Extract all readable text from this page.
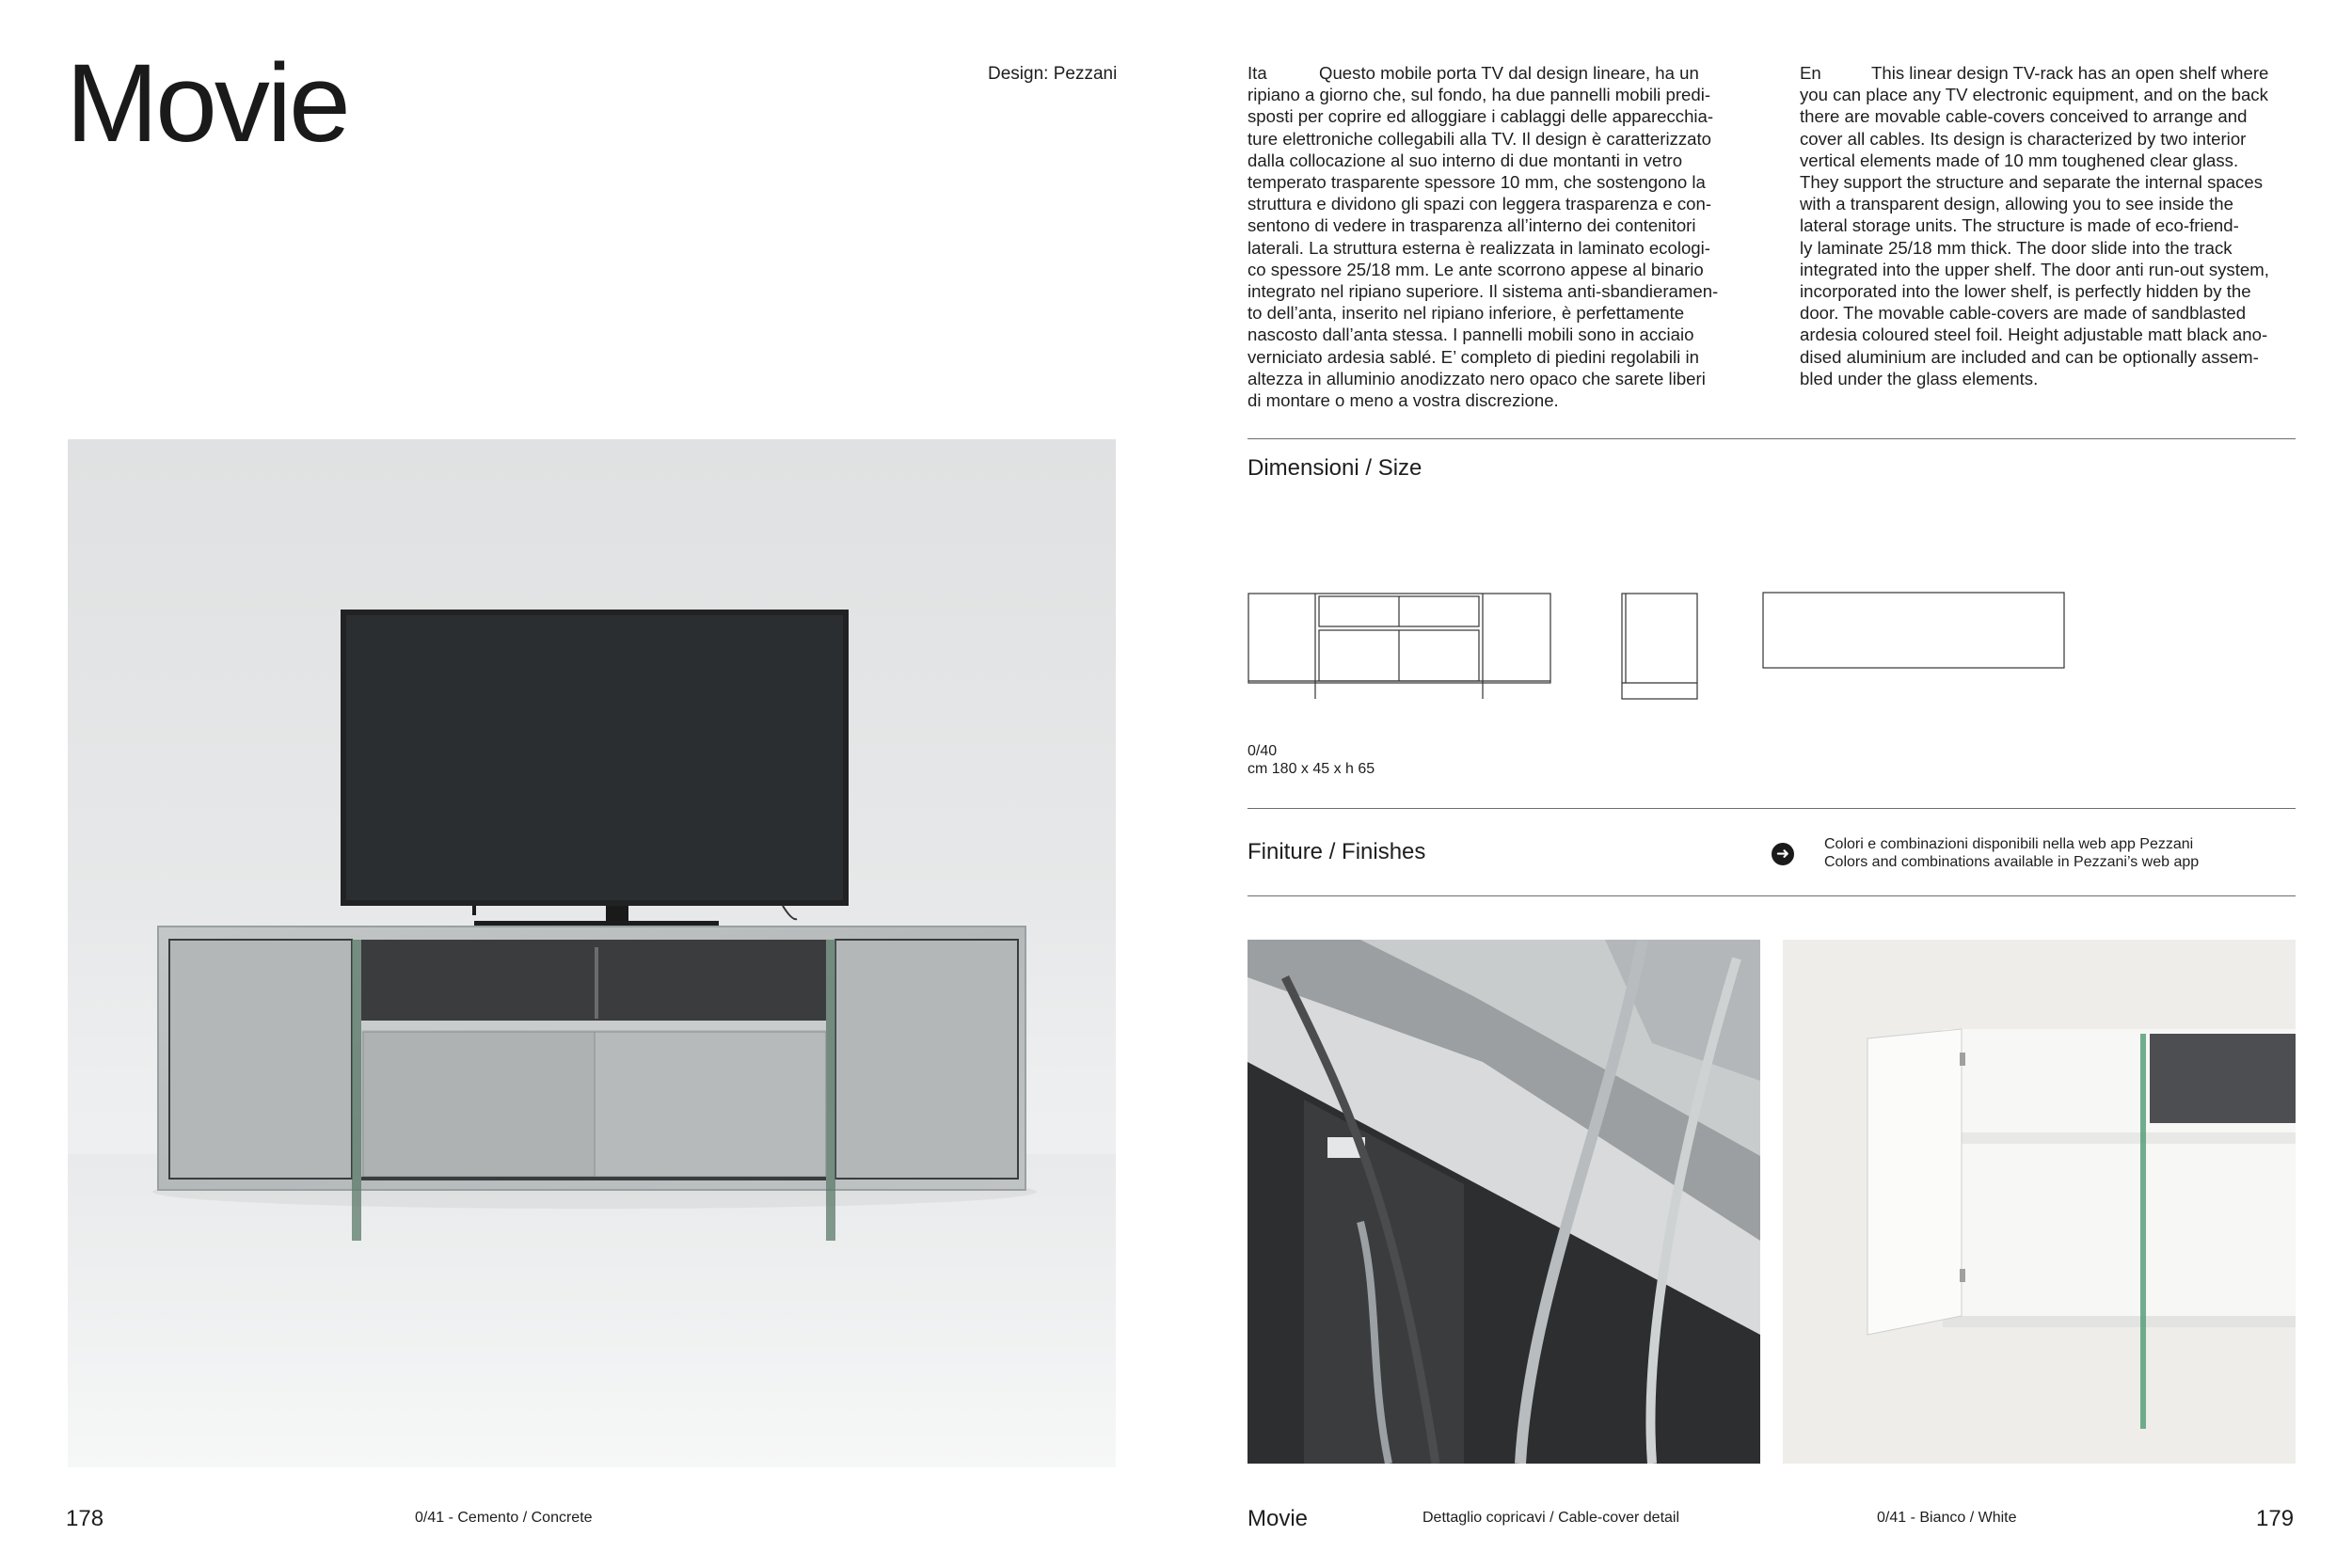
Movie	Design: Pezzani	Ita	Questo mobile porta TV dal design lineare, ha un
ripiano a giorno che, sul fondo, ha due pannelli mobili predi-
sposti per coprire ed alloggiare i cablaggi delle apparecchia-
ture elettroniche collegabili alla TV. Il design è caratterizzato
dalla collocazione al suo interno di due montanti in vetro
temperato trasparente spessore 10 mm, che sostengono la
struttura e dividono gli spazi con leggera trasparenza e con-
sentono di vedere in trasparenza all’interno dei contenitori
laterali. La struttura esterna è realizzata in laminato ecologi-
co spessore 25/18 mm. Le ante scorrono appese al binario
integrato nel ripiano superiore. Il sistema anti-sbandieramen-
to dell’anta, inserito nel ripiano inferiore, è perfettamente
nascosto dall’anta stessa. I pannelli mobili sono in acciaio
verniciato ardesia sablé. E’ completo di piedini regolabili in
altezza in alluminio anodizzato nero opaco che sarete liberi
di montare o meno a vostra discrezione.
En	This linear design TV-rack has an open shelf where
you can place any TV electronic equipment, and on the back
there are movable cable-covers conceived to arrange and
cover all cables. Its design is characterized by two interior
vertical elements made of 10 mm toughened clear glass.
They support the structure and separate the internal spaces
with a transparent design, allowing you to see inside the
lateral storage units. The structure is made of eco-friend-
ly laminate 25/18 mm thick. The door slide into the track
integrated into the upper shelf. The door anti run-out system,
incorporated into the lower shelf, is perfectly hidden by the
door. The movable cable-covers are made of sandblasted
ardesia coloured steel foil. Height adjustable matt black ano-
dised aluminium are included and can be optionally assem-
bled under the glass elements.
Dimensioni / Size
0/40
cm 180 x 45 x h 65
Finiture / Finishes	➜
Colori e combinazioni disponibili nella web app Pezzani
Colors and combinations available in Pezzani’s web app
178	0/41 - Cemento / Concrete	Movie	Dettaglio copricavi / Cable-cover detail	0/41 - Bianco / White	179
